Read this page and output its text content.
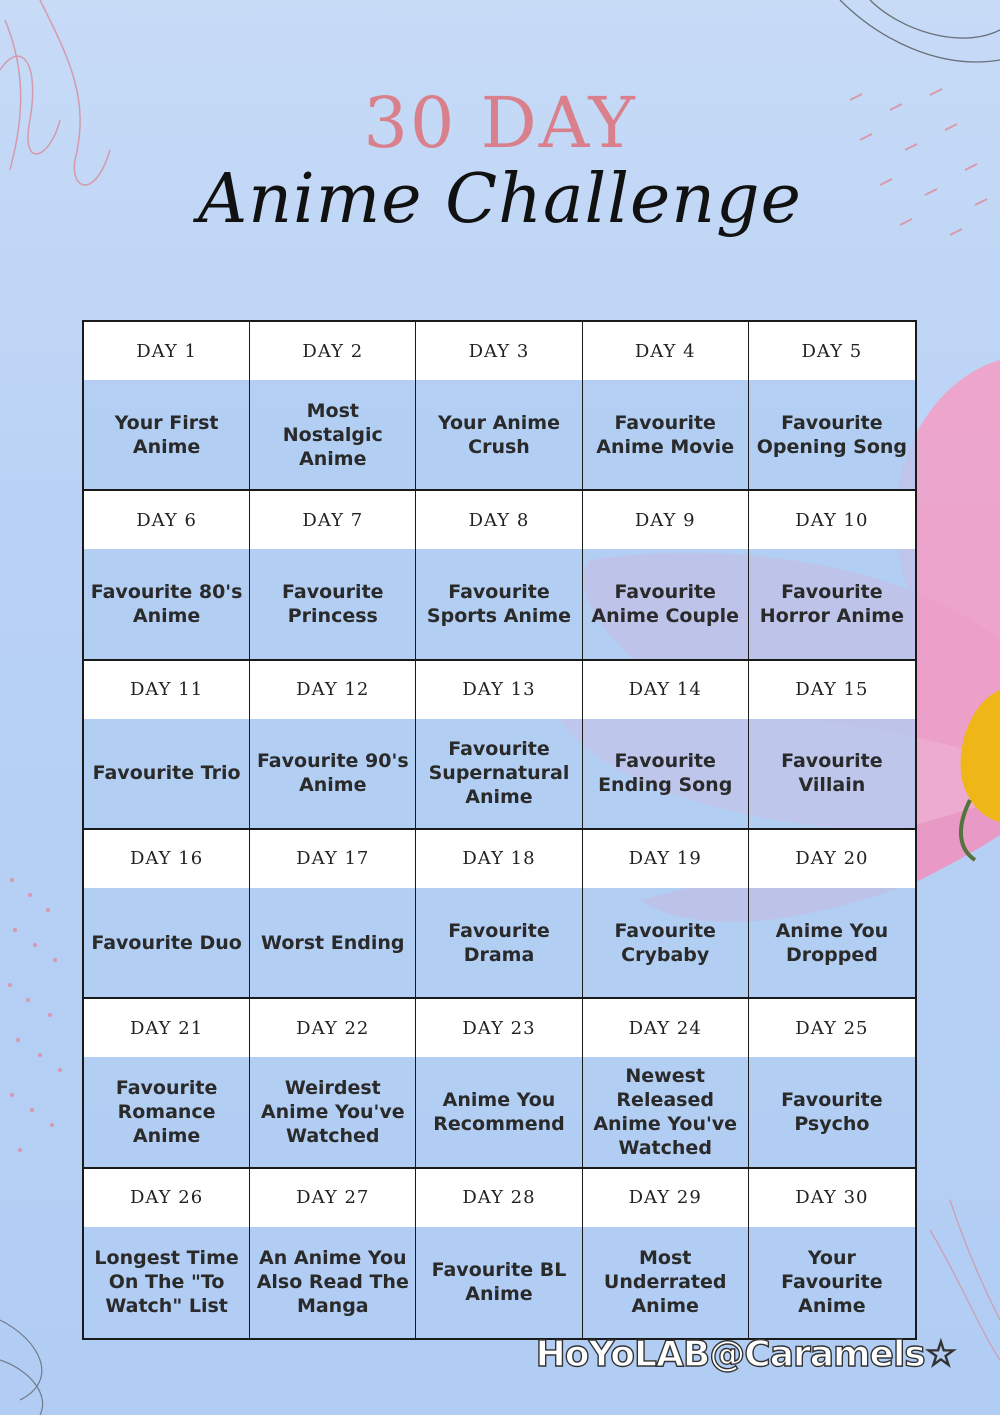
30 DAY
Anime Challenge
DAY 1
Your First Anime
DAY 2
Most Nostalgic Anime
DAY 3
Your Anime Crush
DAY 4
Favourite Anime Movie
DAY 5
Favourite Opening Song
DAY 6
Favourite 80's Anime
DAY 7
Favourite Princess
DAY 8
Favourite Sports Anime
DAY 9
Favourite Anime Couple
DAY 10
Favourite Horror Anime
DAY 11
Favourite Trio
DAY 12
Favourite 90's Anime
DAY 13
Favourite Supernatural Anime
DAY 14
Favourite Ending Song
DAY 15
Favourite Villain
DAY 16
Favourite Duo
DAY 17
Worst Ending
DAY 18
Favourite Drama
DAY 19
Favourite Crybaby
DAY 20
Anime You Dropped
DAY 21
Favourite Romance Anime
DAY 22
Weirdest Anime You've Watched
DAY 23
Anime You Recommend
DAY 24
Newest Released Anime You've Watched
DAY 25
Favourite Psycho
DAY 26
Longest Time On The "To Watch" List
DAY 27
An Anime You Also Read The Manga
DAY 28
Favourite BL Anime
DAY 29
Most Underrated Anime
DAY 30
Your Favourite Anime
HoYoLAB@Caramels☆
